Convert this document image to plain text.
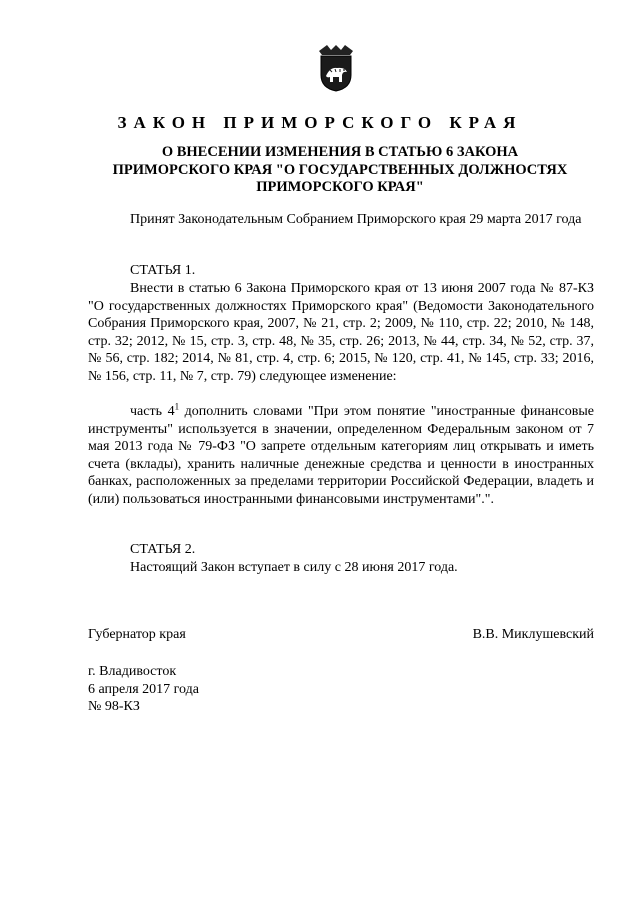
ЗАКОН ПРИМОРСКОГО КРАЯ
О ВНЕСЕНИИ ИЗМЕНЕНИЯ В СТАТЬЮ 6 ЗАКОНА
ПРИМОРСКОГО КРАЯ "О ГОСУДАРСТВЕННЫХ ДОЛЖНОСТЯХ
ПРИМОРСКОГО КРАЯ"
Принят Законодательным Собранием Приморского края 29 марта 2017 года
СТАТЬЯ 1.
Внести в статью 6 Закона Приморского края от 13 июня 2007 года № 87-КЗ "О государственных должностях Приморского края" (Ведомости Законодательного Собрания Приморского края, 2007, № 21, стр. 2; 2009, № 110, стр. 22; 2010, № 148, стр. 32; 2012, № 15, стр. 3, стр. 48, № 35, стр. 26; 2013, № 44, стр. 34, № 52, стр. 37, № 56, стр. 182; 2014, № 81, стр. 4, стр. 6; 2015, № 120, стр. 41, № 145, стр. 33; 2016, № 156, стр. 11, № 7, стр. 79) следующее изменение:
часть $4^1$ дополнить словами "При этом понятие "иностранные финансовые инструменты" используется в значении, определенном Федеральным законом от 7 мая 2013 года № 79-ФЗ "О запрете отдельным категориям лиц открывать и иметь счета (вклады), хранить наличные денежные средства и ценности в иностранных банках, расположенных за пределами территории Российской Федерации, владеть и (или) пользоваться иностранными финансовыми инструментами".".
СТАТЬЯ 2.
Настоящий Закон вступает в силу с 28 июня 2017 года.
Губернатор края	В.В. Миклушевский
г. Владивосток
6 апреля 2017 года
№ 98-КЗ
